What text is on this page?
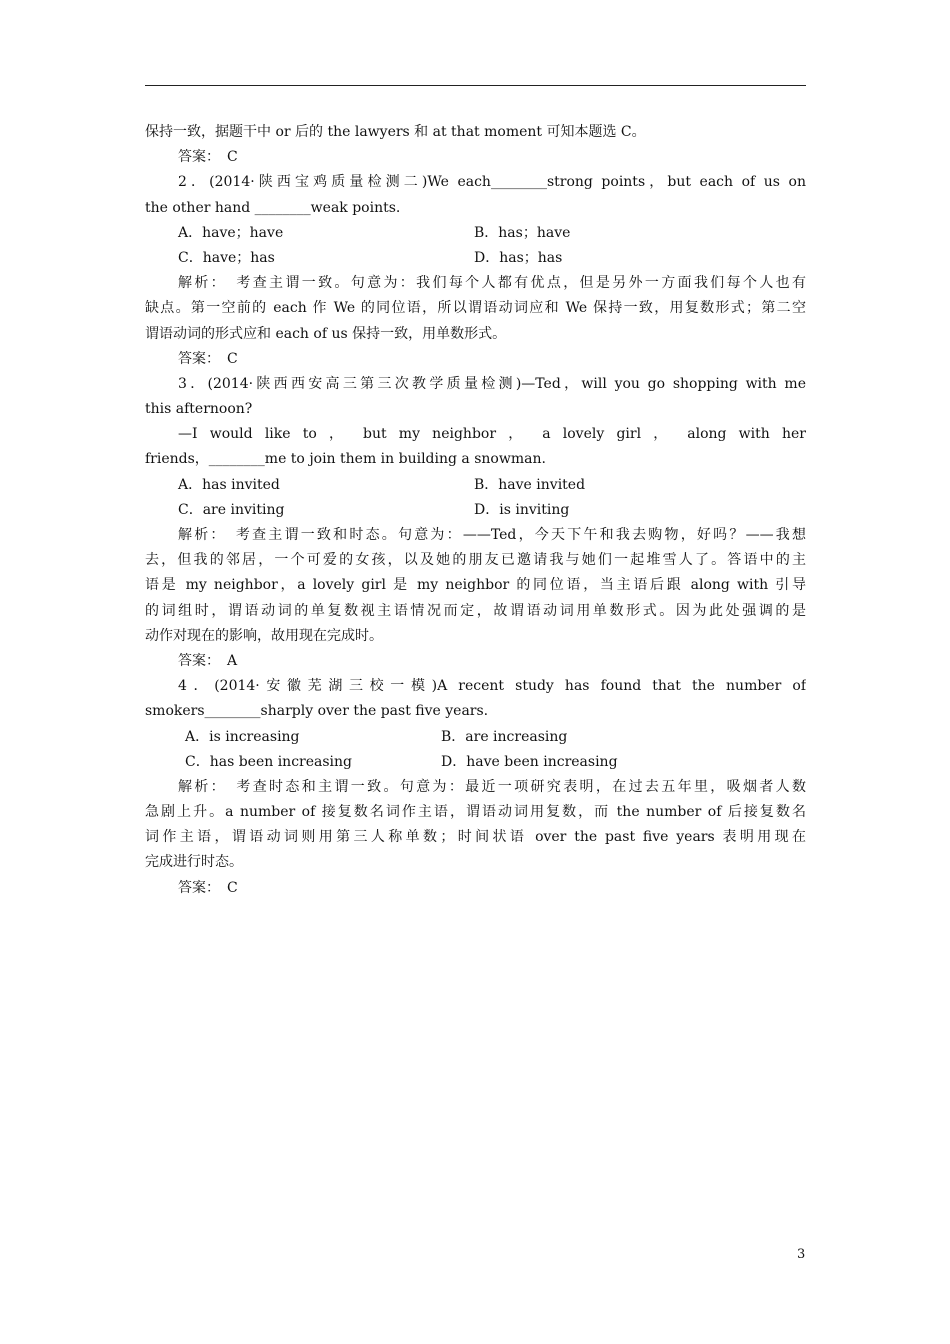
保持一致，据题干中 or 后的 the lawyers 和 at that moment 可知本题选 C。
答案：　C
2．(2014·陕西宝鸡质量检测二)We each________strong points，but each of us on
the other hand ________weak points.
A．have；have	B．has；have
C．have；has	D．has；has
解析：　考查主谓一致。句意为：我们每个人都有优点，但是另外一方面我们每个人也有
缺点。第一空前的 each 作 We 的同位语，所以谓语动词应和 We 保持一致，用复数形式；第二空
谓语动词的形式应和 each of us 保持一致，用单数形式。
答案：　C
3．(2014·陕西西安高三第三次教学质量检测)—Ted，will you go shopping with me
this afternoon?
—I would like to ， but my neighbor ， a lovely girl ， along with her
friends，________me to join them in building a snowman.
A．has invited	B．have invited
C．are inviting	D．is inviting
解析：　考查主谓一致和时态。句意为：——Ted，今天下午和我去购物，好吗？——我想
去，但我的邻居，一个可爱的女孩，以及她的朋友已邀请我与她们一起堆雪人了。答语中的主
语是 my neighbor，a lovely girl 是 my neighbor 的同位语，当主语后跟 along with 引导
的词组时，谓语动词的单复数视主语情况而定，故谓语动词用单数形式。因为此处强调的是
动作对现在的影响，故用现在完成时。
答案：　A
4．(2014·安徽芜湖三校一模)A recent study has found that the number of
smokers________sharply over the past five years.
A．is increasing	B．are increasing
C．has been increasing	D．have been increasing
解析：　考查时态和主谓一致。句意为：最近一项研究表明，在过去五年里，吸烟者人数
急剧上升。a number of 接复数名词作主语，谓语动词用复数，而 the number of 后接复数名
词作主语，谓语动词则用第三人称单数；时间状语 over the past five years 表明用现在
完成进行时态。
答案：　C
3
